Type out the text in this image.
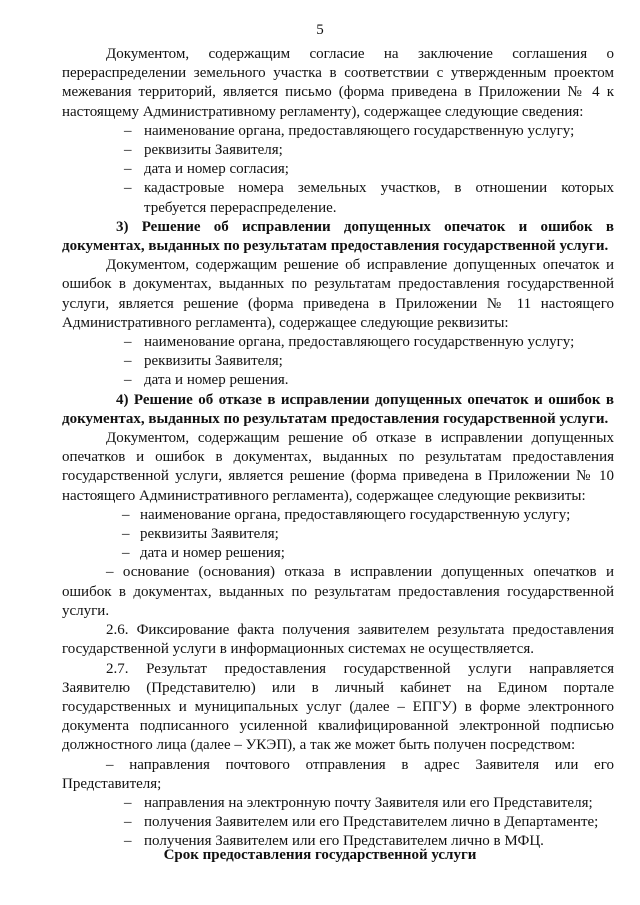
5

Документом, содержащим согласие на заключение соглашения о перераспределении земельного участка в соответствии с утвержденным проектом межевания территорий, является письмо (форма приведена в Приложении № 4 к настоящему Административному регламенту), содержащее следующие сведения:

– наименование органа, предоставляющего государственную услугу;
– реквизиты Заявителя;
– дата и номер согласия;
– кадастровые номера земельных участков, в отношении которых требуется перераспределение.

3) Решение об исправлении допущенных опечаток и ошибок в документах, выданных по результатам предоставления государственной услуги.

Документом, содержащим решение об исправление допущенных опечаток и ошибок в документах, выданных по результатам предоставления государственной услуги, является решение (форма приведена в Приложении № 11 настоящего Административного регламента), содержащее следующие реквизиты:

– наименование органа, предоставляющего государственную услугу;
– реквизиты Заявителя;
– дата и номер решения.

4) Решение об отказе в исправлении допущенных опечаток и ошибок в документах, выданных по результатам предоставления государственной услуги.

Документом, содержащим решение об отказе в исправлении допущенных опечатков и ошибок в документах, выданных по результатам предоставления государственной услуги, является решение (форма приведена в Приложении № 10 настоящего Административного регламента), содержащее следующие реквизиты:

– наименование органа, предоставляющего государственную услугу;
– реквизиты Заявителя;
– дата и номер решения;

– основание (основания) отказа в исправлении допущенных опечатков и ошибок в документах, выданных по результатам предоставления государственной услуги.

2.6. Фиксирование факта получения заявителем результата предоставления государственной услуги в информационных системах не осуществляется.

2.7. Результат предоставления государственной услуги направляется Заявителю (Представителю) или в личный кабинет на Едином портале государственных и муниципальных услуг (далее – ЕПГУ) в форме электронного документа подписанного усиленной квалифицированной электронной подписью должностного лица (далее – УКЭП), а так же может быть получен посредством:

– направления почтового отправления в адрес Заявителя или его Представителя;

– направления на электронную почту Заявителя или его Представителя;
– получения Заявителем или его Представителем лично в Департаменте;
– получения Заявителем или его Представителем лично в МФЦ.
Срок предоставления государственной услуги
